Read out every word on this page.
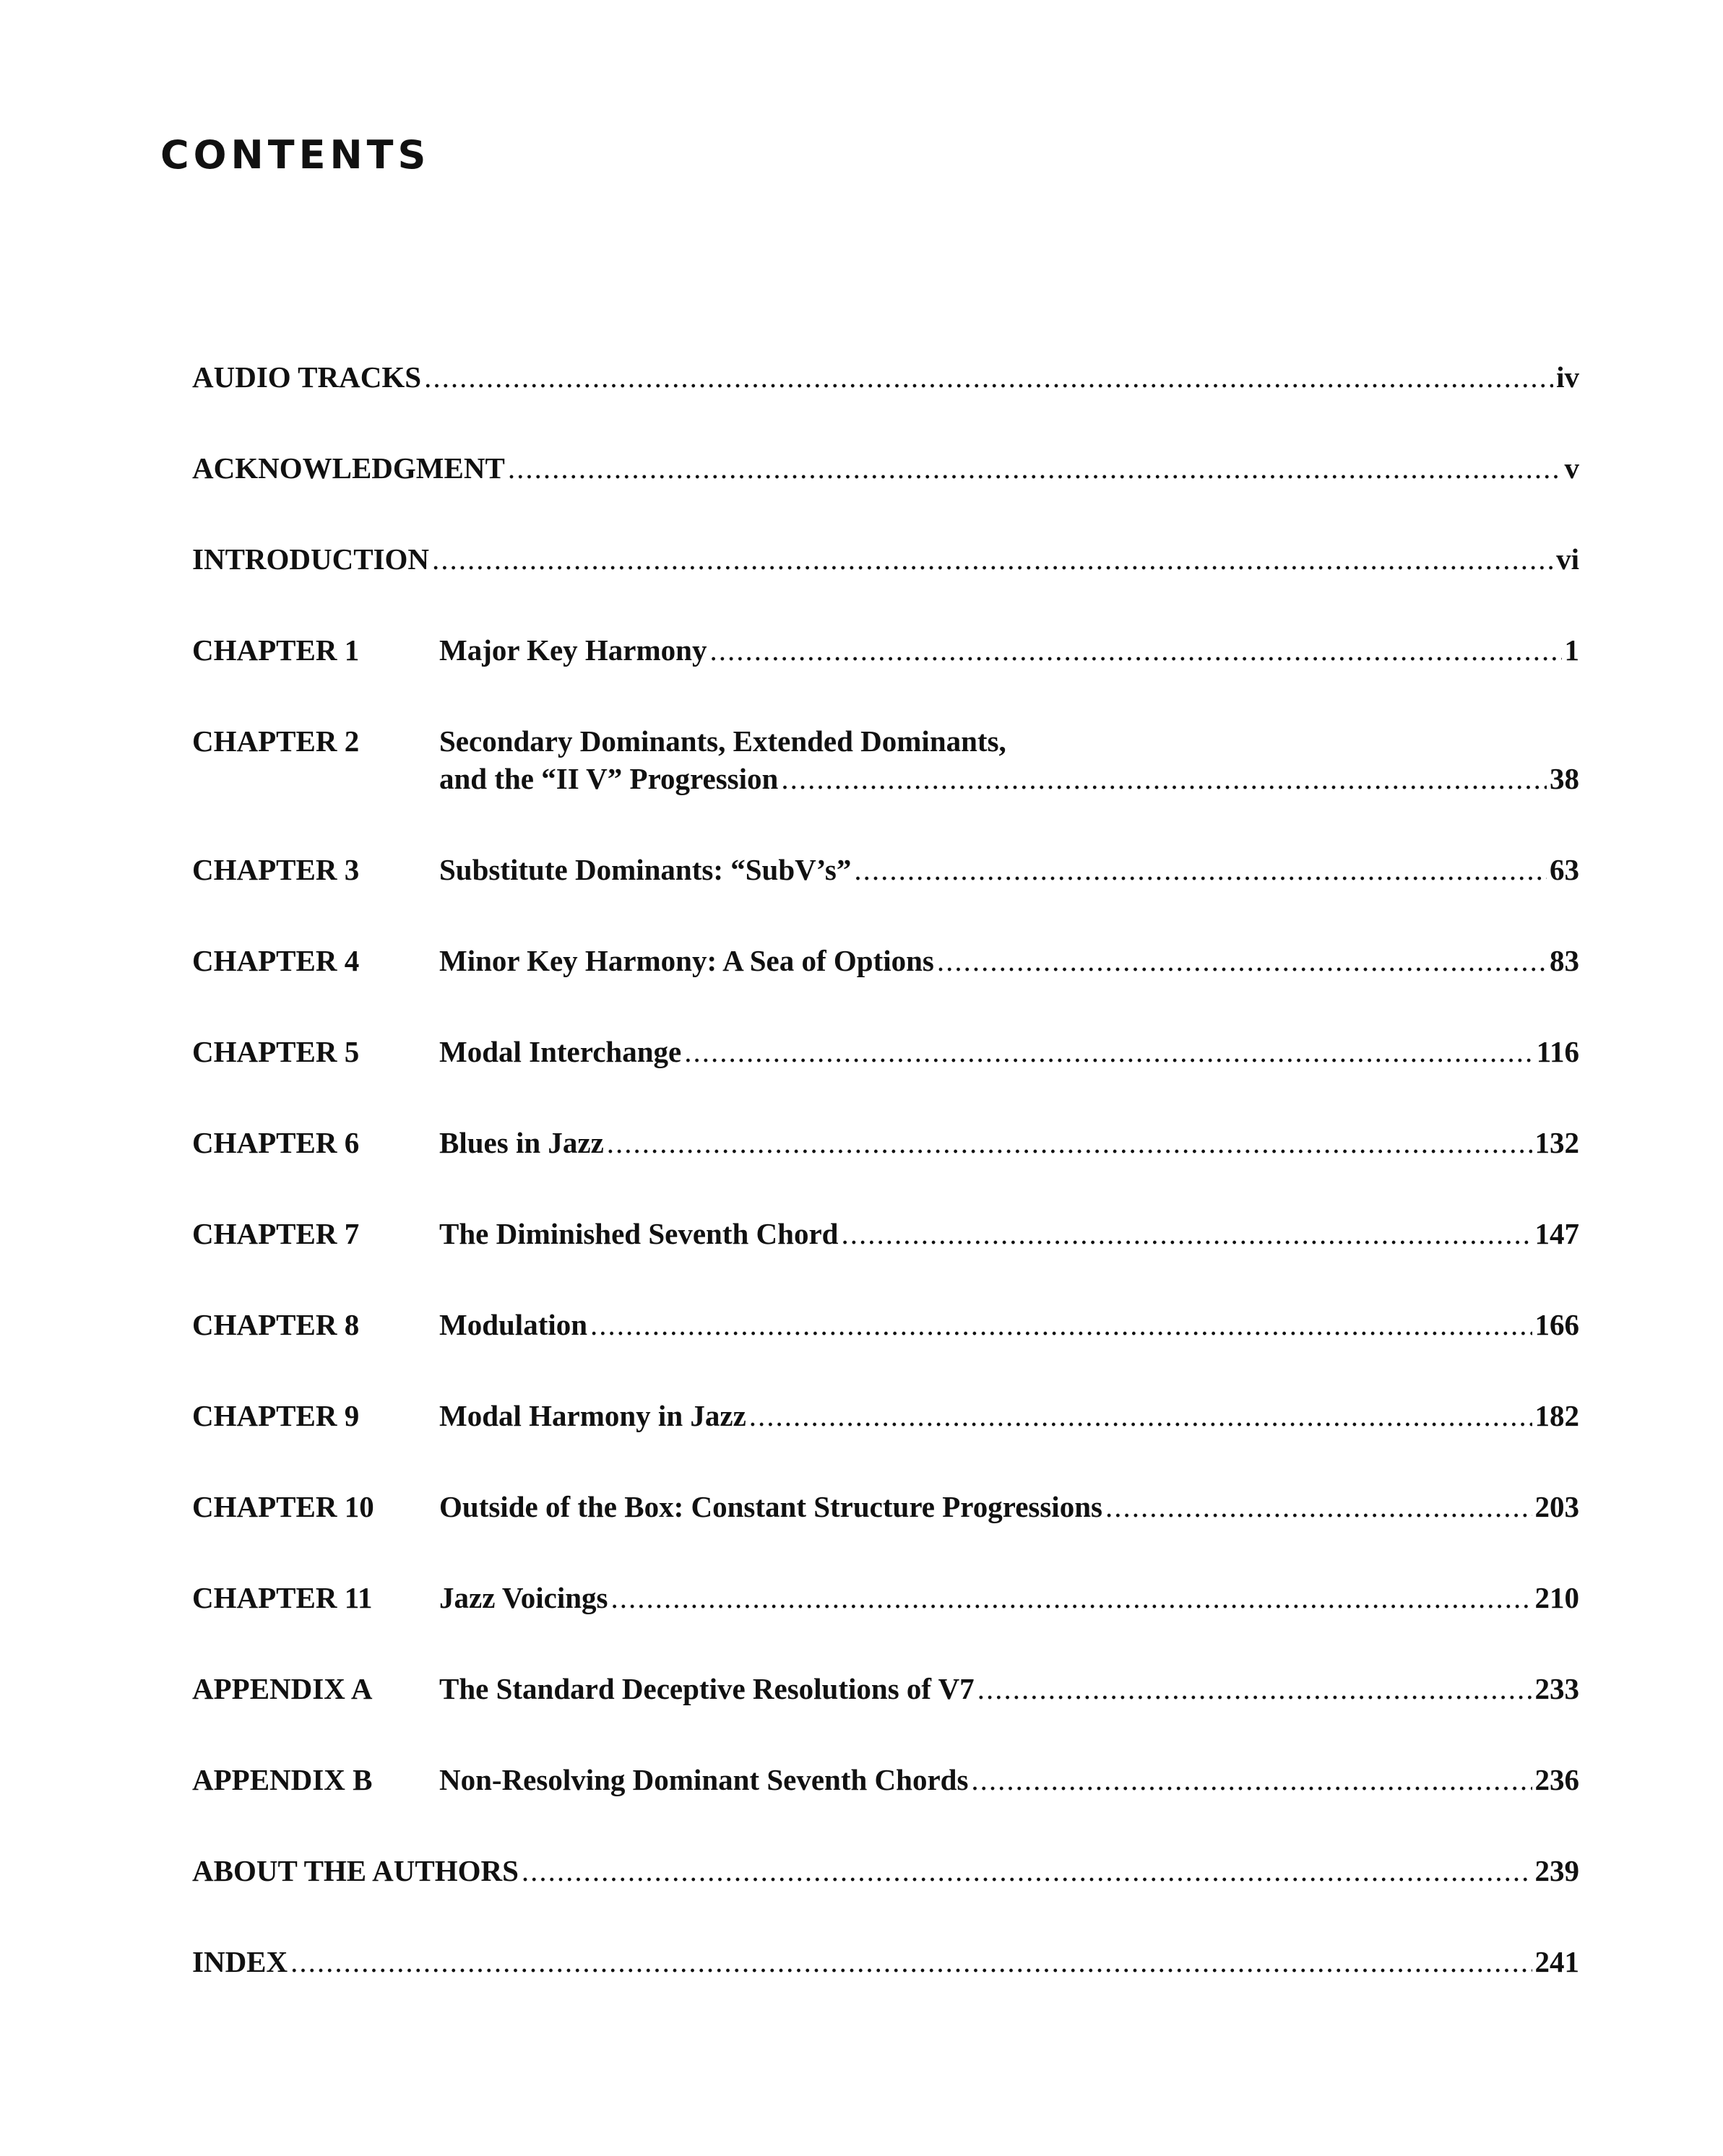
CONTENTS
AUDIO TRACKS .....	iv
ACKNOWLEDGMENT .....	v
INTRODUCTION .....	vi
CHAPTER 1	Major Key Harmony .....	1
CHAPTER 2	Secondary Dominants, Extended Dominants,
and the “II V” Progression .....	38
CHAPTER 3	Substitute Dominants: “SubV’s” .....	63
CHAPTER 4	Minor Key Harmony: A Sea of Options .....	83
CHAPTER 5	Modal Interchange .....	116
CHAPTER 6	Blues in Jazz .....	132
CHAPTER 7	The Diminished Seventh Chord .....	147
CHAPTER 8	Modulation .....	166
CHAPTER 9	Modal Harmony in Jazz .....	182
CHAPTER 10	Outside of the Box: Constant Structure Progressions .....	203
CHAPTER 11	Jazz Voicings .....	210
APPENDIX A	The Standard Deceptive Resolutions of V7 .....	233
APPENDIX B	Non-Resolving Dominant Seventh Chords .....	236
ABOUT THE AUTHORS .....	239
INDEX .....	241
